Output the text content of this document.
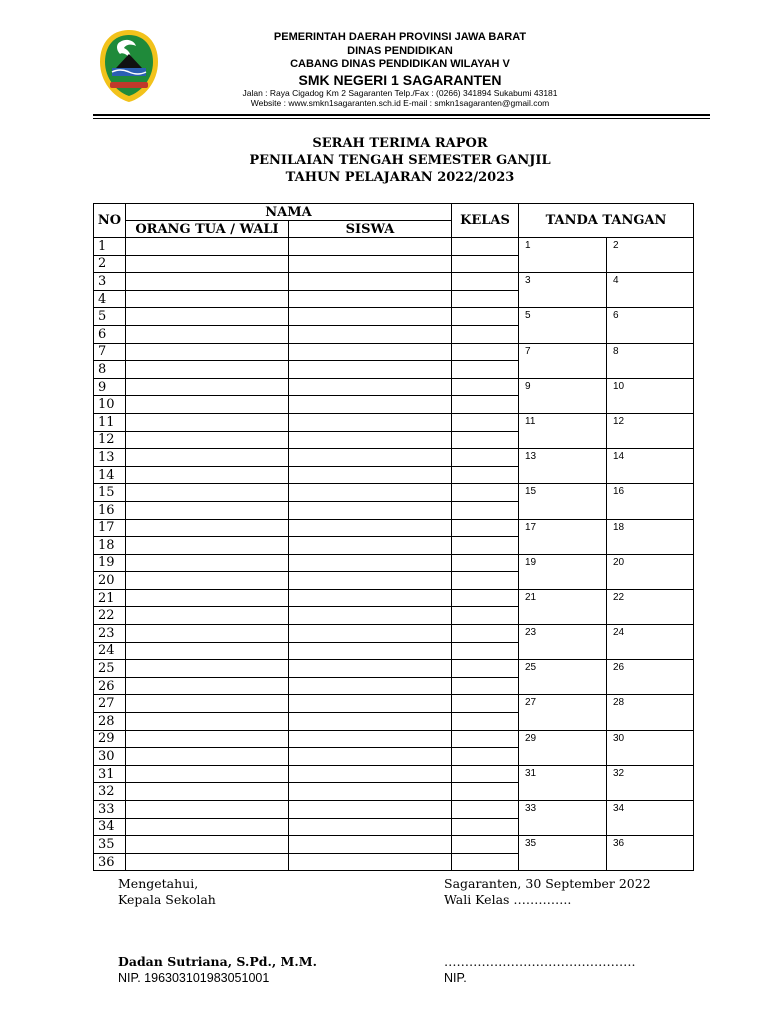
PEMERINTAH DAERAH PROVINSI JAWA BARAT
DINAS PENDIDIKAN
CABANG DINAS PENDIDIKAN WILAYAH V
SMK NEGERI 1 SAGARANTEN
Jalan : Raya Cigadog Km 2 Sagaranten Telp./Fax : (0266) 341894 Sukabumi 43181
Website : www.smkn1sagaranten.sch.id E-mail : smkn1sagaranten@gmail.com
SERAH TERIMA RAPOR
PENILAIAN TENGAH SEMESTER GANJIL
TAHUN PELAJARAN 2022/2023
NO	NAMA		KELAS	TANDA TANGAN	
	ORANG TUA / WALI	SISWA			
1				1	2
2					
3				3	4
4					
5				5	6
6					
7				7	8
8					
9				9	10
10					
11				11	12
12					
13				13	14
14					
15				15	16
16					
17				17	18
18					
19				19	20
20					
21				21	22
22					
23				23	24
24					
25				25	26
26					
27				27	28
28					
29				29	30
30					
31				31	32
32					
33				33	34
34					
35				35	36
36					
Mengetahui,
Kepala Sekolah
Dadan Sutriana, S.Pd., M.M.
NIP. 196303101983051001
Sagaranten, 30 September 2022
Wali Kelas …………..
……………………………………….
NIP.
